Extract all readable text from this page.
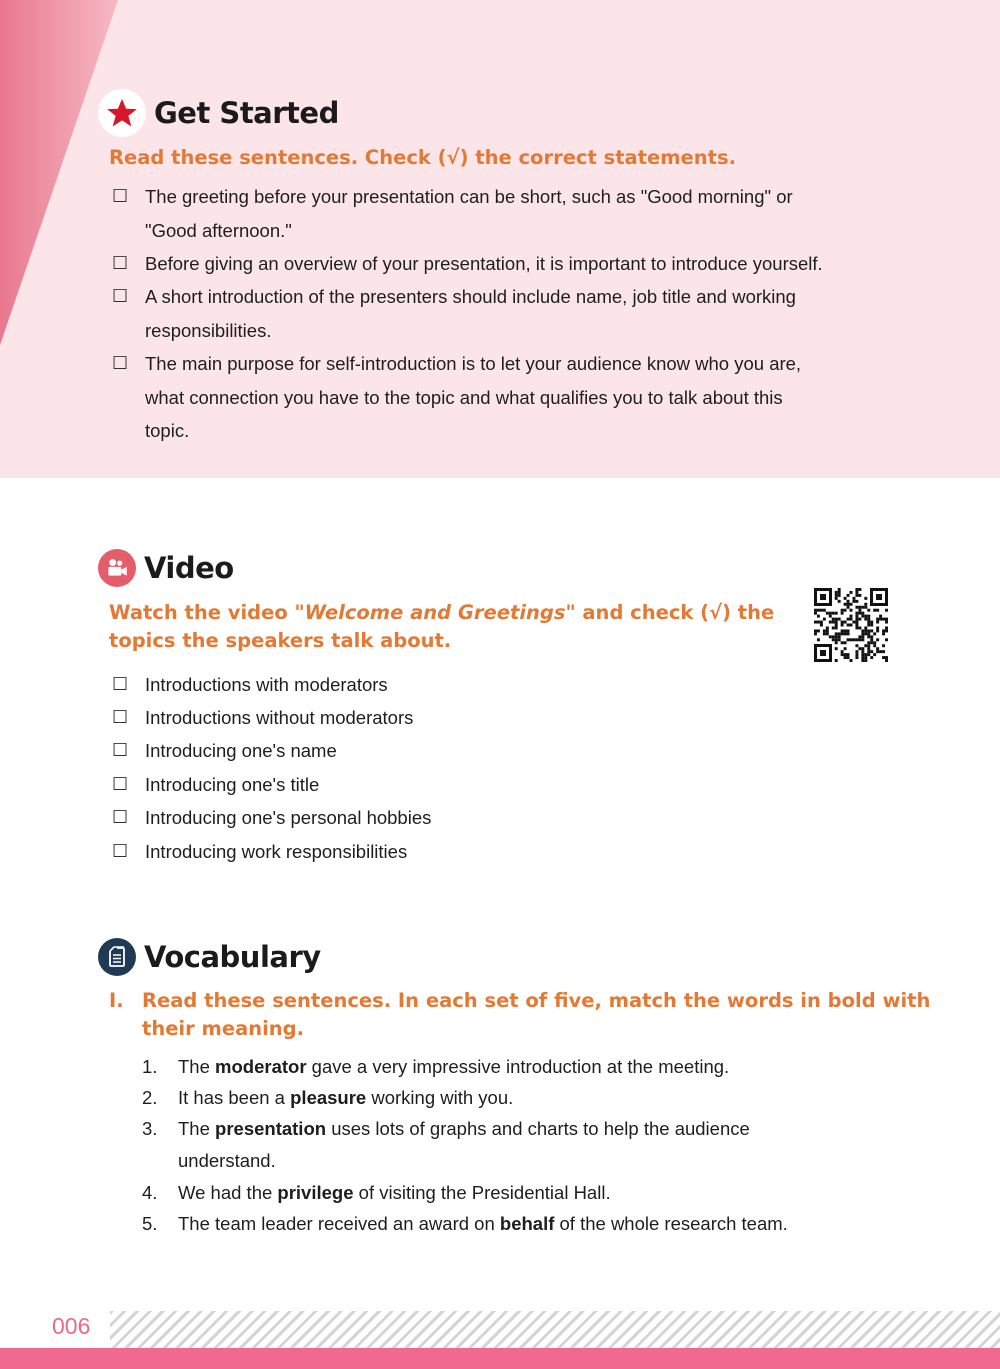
Get Started
Read these sentences. Check (√) the correct statements.
☐ The greeting before your presentation can be short, such as "Good morning" or
"Good afternoon."
☐ Before giving an overview of your presentation, it is important to introduce yourself.
☐ A short introduction of the presenters should include name, job title and working
responsibilities.
☐ The main purpose for self-introduction is to let your audience know who you are,
what connection you have to the topic and what qualifies you to talk about this
topic.
Video
Watch the video "Welcome and Greetings" and check (√) the
topics the speakers talk about.
☐ Introductions with moderators
☐ Introductions without moderators
☐ Introducing one's name
☐ Introducing one's title
☐ Introducing one's personal hobbies
☐ Introducing work responsibilities
Vocabulary
I. Read these sentences. In each set of five, match the words in bold with
their meaning.
1. The moderator gave a very impressive introduction at the meeting.
2. It has been a pleasure working with you.
3. The presentation uses lots of graphs and charts to help the audience
understand.
4. We had the privilege of visiting the Presidential Hall.
5. The team leader received an award on behalf of the whole research team.
006
